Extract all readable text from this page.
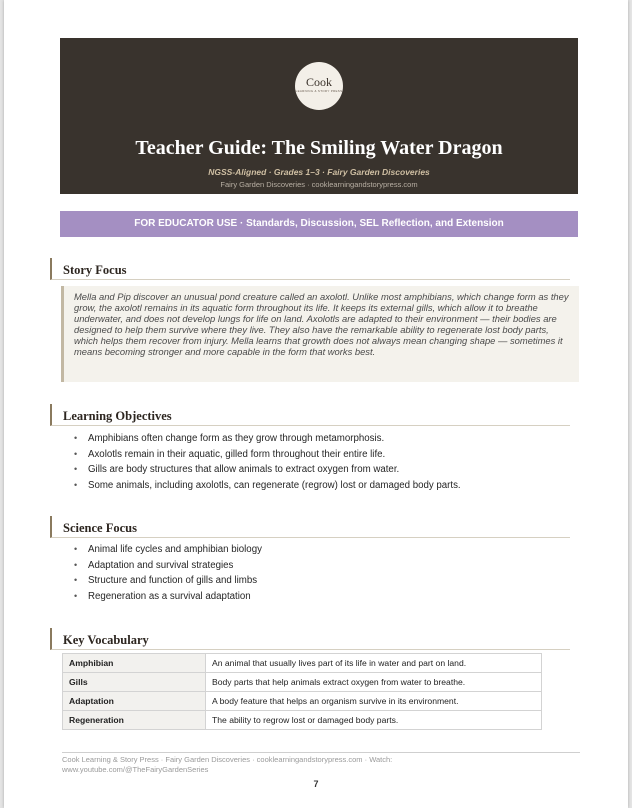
Cook
LEARNING & STORY PRESS
Teacher Guide: The Smiling Water Dragon
NGSS-Aligned · Grades 1–3 · Fairy Garden Discoveries
Fairy Garden Discoveries · cooklearningandstorypress.com
FOR EDUCATOR USE · Standards, Discussion, SEL Reflection, and Extension
Story Focus
Mella and Pip discover an unusual pond creature called an axolotl. Unlike most amphibians, which change form as they grow, the axolotl remains in its aquatic form throughout its life. It keeps its external gills, which allow it to breathe underwater, and does not develop lungs for life on land. Axolotls are adapted to their environment — their bodies are designed to help them survive where they live. They also have the remarkable ability to regenerate lost body parts, which helps them recover from injury. Mella learns that growth does not always mean changing shape — sometimes it means becoming stronger and more capable in the form that works best.
Learning Objectives
• Amphibians often change form as they grow through metamorphosis.
• Axolotls remain in their aquatic, gilled form throughout their entire life.
• Gills are body structures that allow animals to extract oxygen from water.
• Some animals, including axolotls, can regenerate (regrow) lost or damaged body parts.
Science Focus
• Animal life cycles and amphibian biology
• Adaptation and survival strategies
• Structure and function of gills and limbs
• Regeneration as a survival adaptation
Key Vocabulary
Amphibian	An animal that usually lives part of its life in water and part on land.
Gills	Body parts that help animals extract oxygen from water to breathe.
Adaptation	A body feature that helps an organism survive in its environment.
Regeneration	The ability to regrow lost or damaged body parts.
Cook Learning & Story Press · Fairy Garden Discoveries · cooklearningandstorypress.com · Watch: www.youtube.com/@TheFairyGardenSeries
7
